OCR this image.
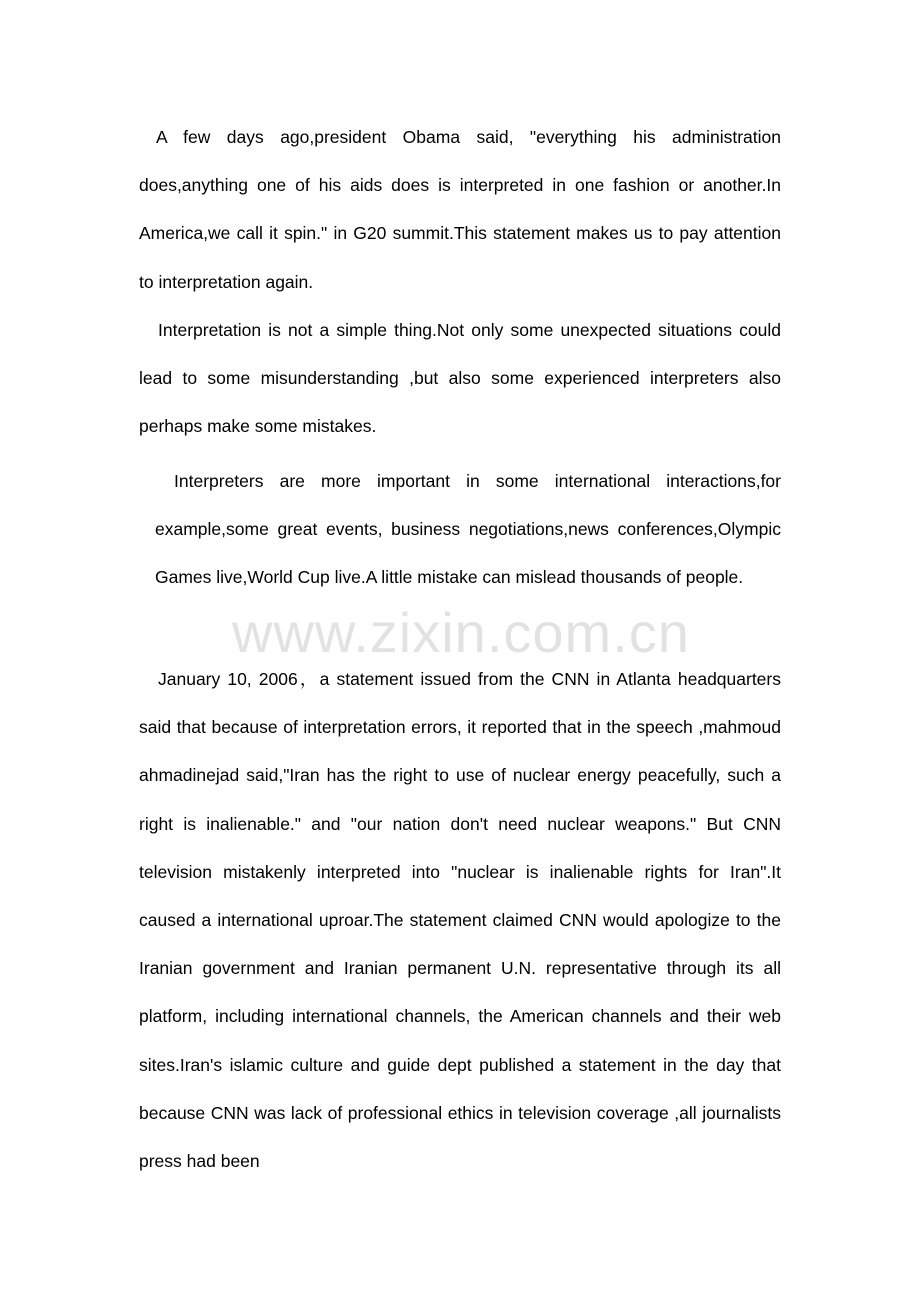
A few days ago,president Obama said, "everything his administration does,anything one of his aids does is interpreted in one fashion or another.In America,we call it spin." in G20 summit.This statement makes us to pay attention to interpretation again.

Interpretation is not a simple thing.Not only some unexpected situations could lead to some misunderstanding ,but also some experienced interpreters also perhaps make some mistakes.

Interpreters are more important in some international interactions,for example,some great events, business negotiations,news conferences,Olympic Games live,World Cup live.A little mistake can mislead thousands of people.

January 10, 2006，a statement issued from the CNN in Atlanta headquarters said that because of interpretation errors, it reported that in the speech ,mahmoud ahmadinejad said,"Iran has the right to use of nuclear energy peacefully, such a right is inalienable." and "our nation don't need nuclear weapons." But CNN television mistakenly interpreted into "nuclear is inalienable rights for Iran".It caused a international uproar.The statement claimed CNN would apologize to the Iranian government and Iranian permanent U.N. representative through its all platform, including international channels, the American channels and their web sites.Iran's islamic culture and guide dept published a statement in the day that because CNN was lack of professional ethics in television coverage ,all journalists press had been

www.zixin.com.cn
